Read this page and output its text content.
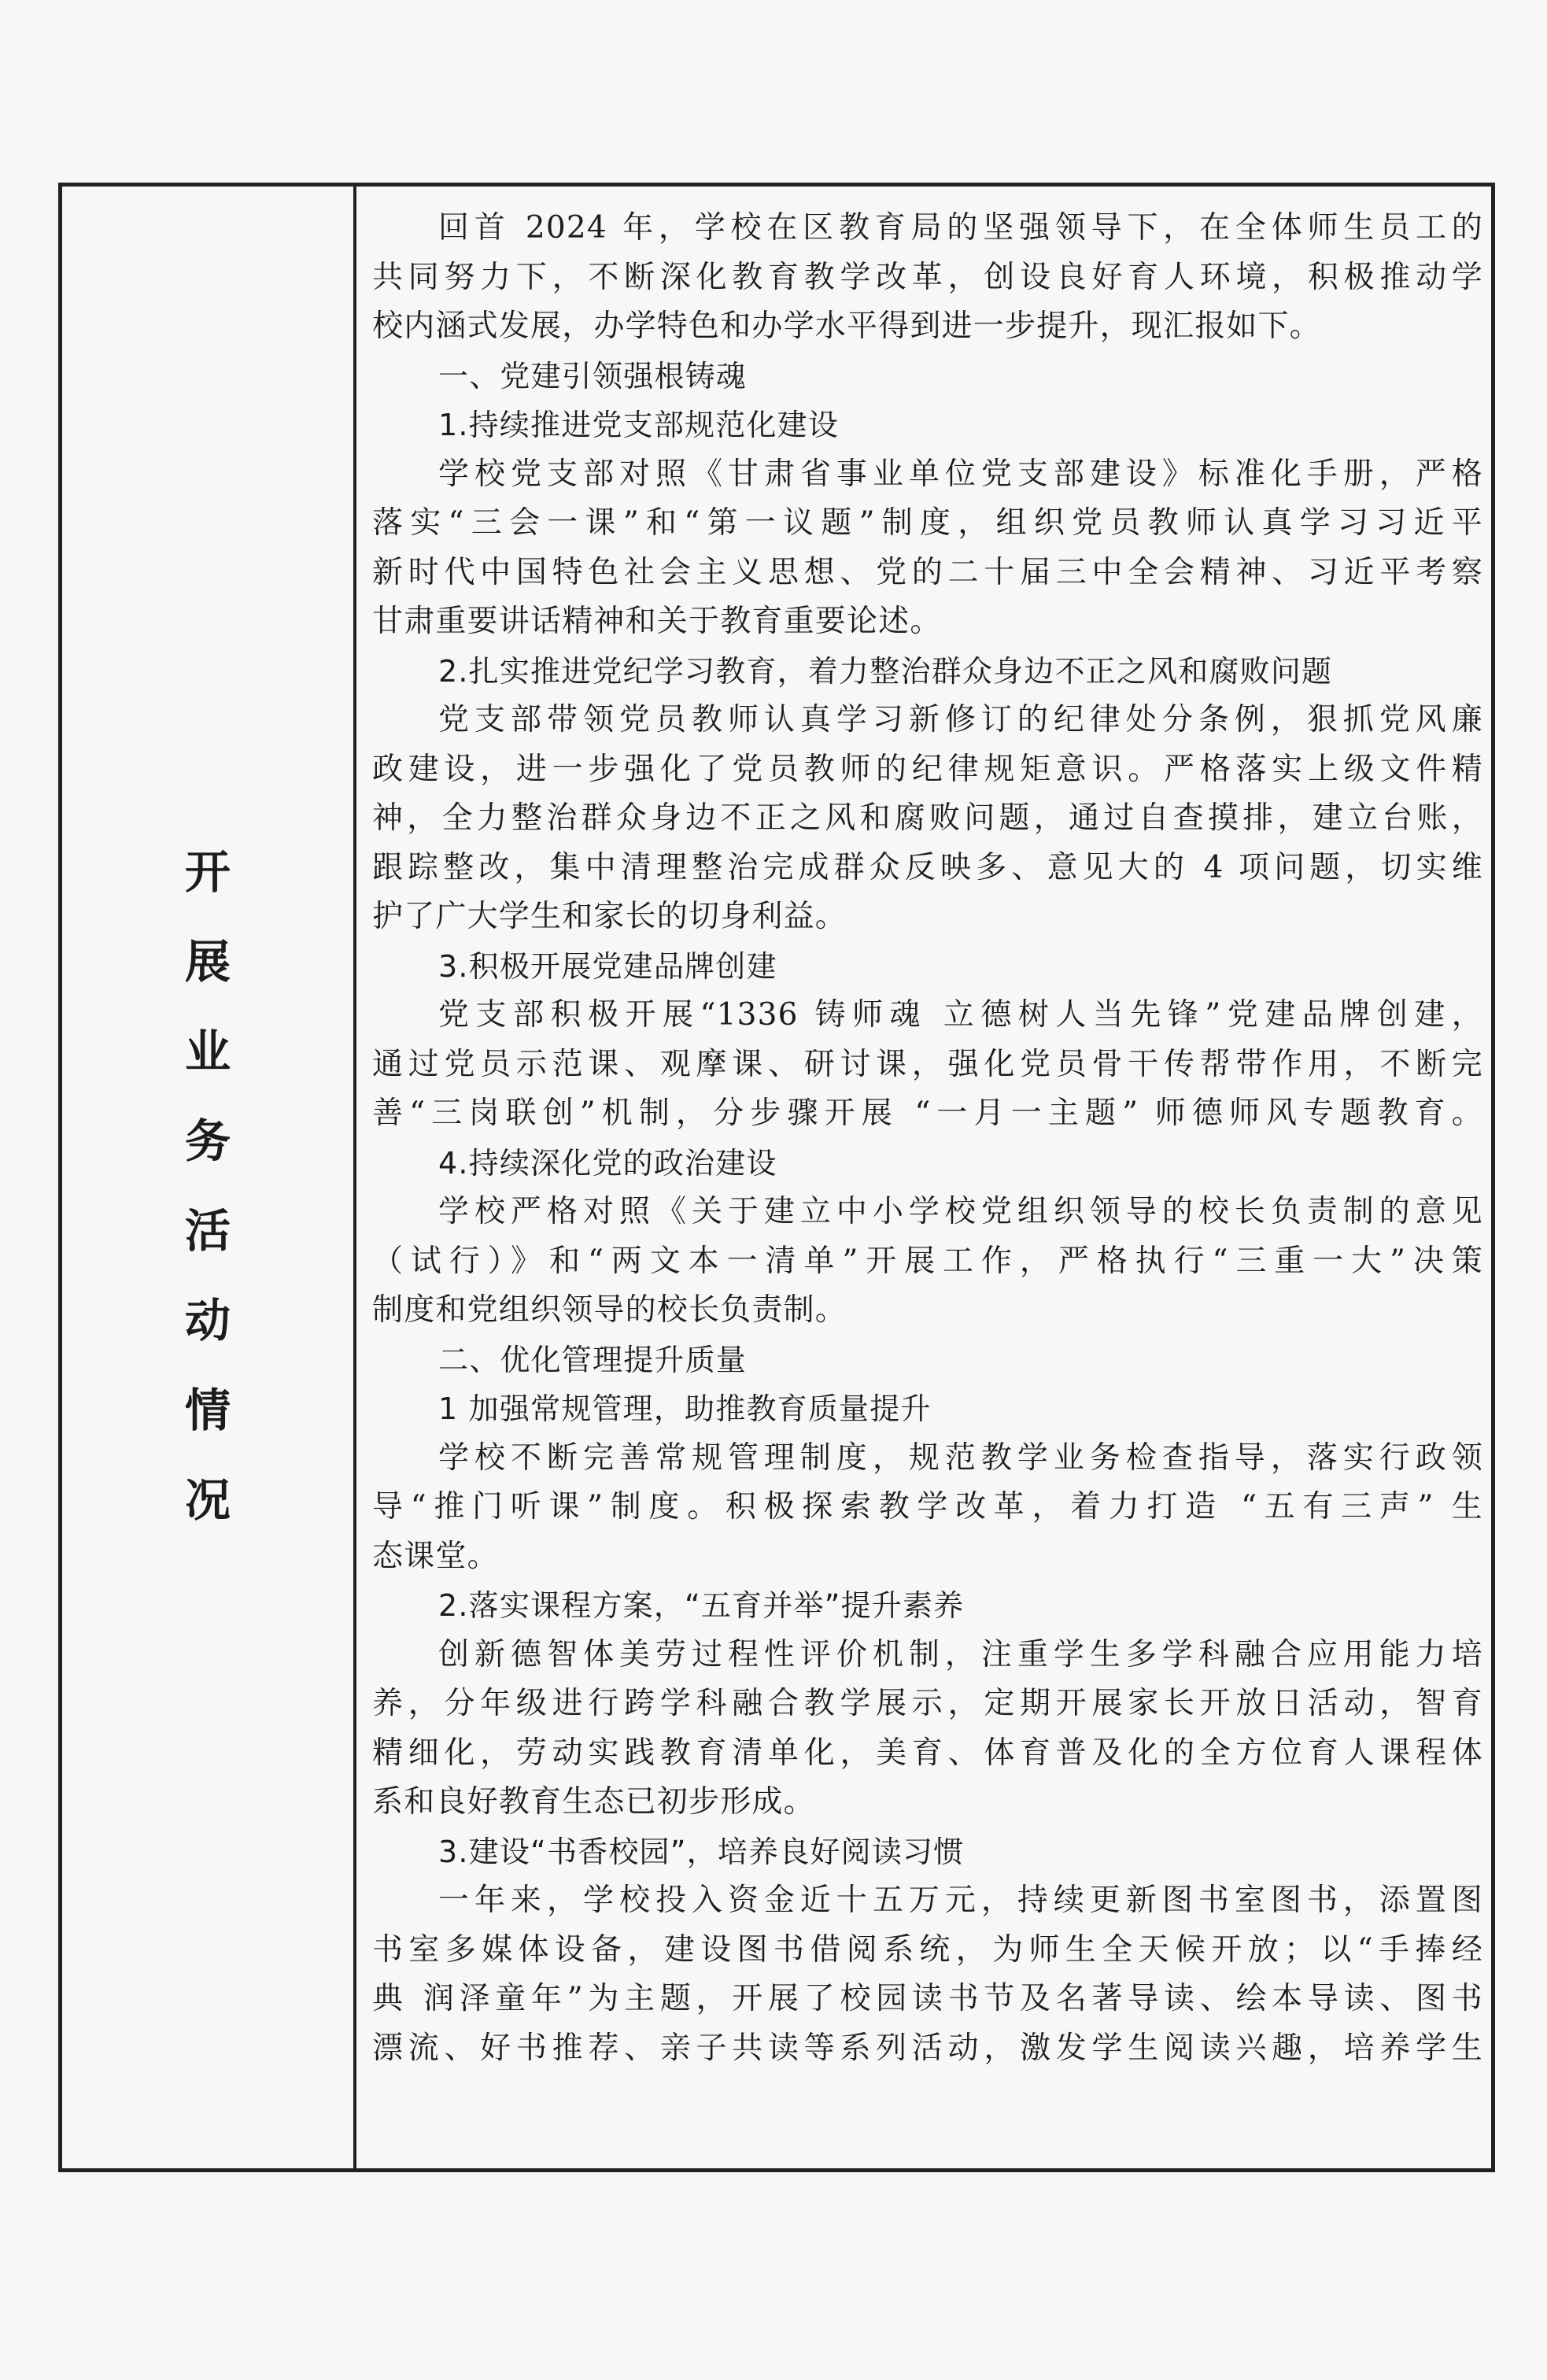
开
展
业
务
活
动
情
况
回首 2024 年，学校在区教育局的坚强领导下，在全体师生员工的
共同努力下，不断深化教育教学改革，创设良好育人环境，积极推动学
校内涵式发展，办学特色和办学水平得到进一步提升，现汇报如下。
一、党建引领强根铸魂
1.持续推进党支部规范化建设
学校党支部对照《甘肃省事业单位党支部建设》标准化手册，严格
落实“三会一课”和“第一议题”制度，组织党员教师认真学习习近平
新时代中国特色社会主义思想、党的二十届三中全会精神、习近平考察
甘肃重要讲话精神和关于教育重要论述。
2.扎实推进党纪学习教育，着力整治群众身边不正之风和腐败问题
党支部带领党员教师认真学习新修订的纪律处分条例，狠抓党风廉
政建设，进一步强化了党员教师的纪律规矩意识。严格落实上级文件精
神，全力整治群众身边不正之风和腐败问题，通过自查摸排，建立台账，
跟踪整改，集中清理整治完成群众反映多、意见大的 4 项问题，切实维
护了广大学生和家长的切身利益。
3.积极开展党建品牌创建
党支部积极开展“1336 铸师魂 立德树人当先锋”党建品牌创建，
通过党员示范课、观摩课、研讨课，强化党员骨干传帮带作用，不断完
善“三岗联创”机制，分步骤开展 “一月一主题” 师德师风专题教育。
4.持续深化党的政治建设
学校严格对照《关于建立中小学校党组织领导的校长负责制的意见
（试行）》和“两文本一清单”开展工作，严格执行“三重一大”决策
制度和党组织领导的校长负责制。
二、优化管理提升质量
1 加强常规管理，助推教育质量提升
学校不断完善常规管理制度，规范教学业务检查指导，落实行政领
导“推门听课”制度。积极探索教学改革，着力打造 “五有三声” 生
态课堂。
2.落实课程方案，“五育并举”提升素养
创新德智体美劳过程性评价机制，注重学生多学科融合应用能力培
养，分年级进行跨学科融合教学展示，定期开展家长开放日活动，智育
精细化，劳动实践教育清单化，美育、体育普及化的全方位育人课程体
系和良好教育生态已初步形成。
3.建设“书香校园”，培养良好阅读习惯
一年来，学校投入资金近十五万元，持续更新图书室图书，添置图
书室多媒体设备，建设图书借阅系统，为师生全天候开放；以“手捧经
典 润泽童年”为主题，开展了校园读书节及名著导读、绘本导读、图书
漂流、好书推荐、亲子共读等系列活动，激发学生阅读兴趣，培养学生
